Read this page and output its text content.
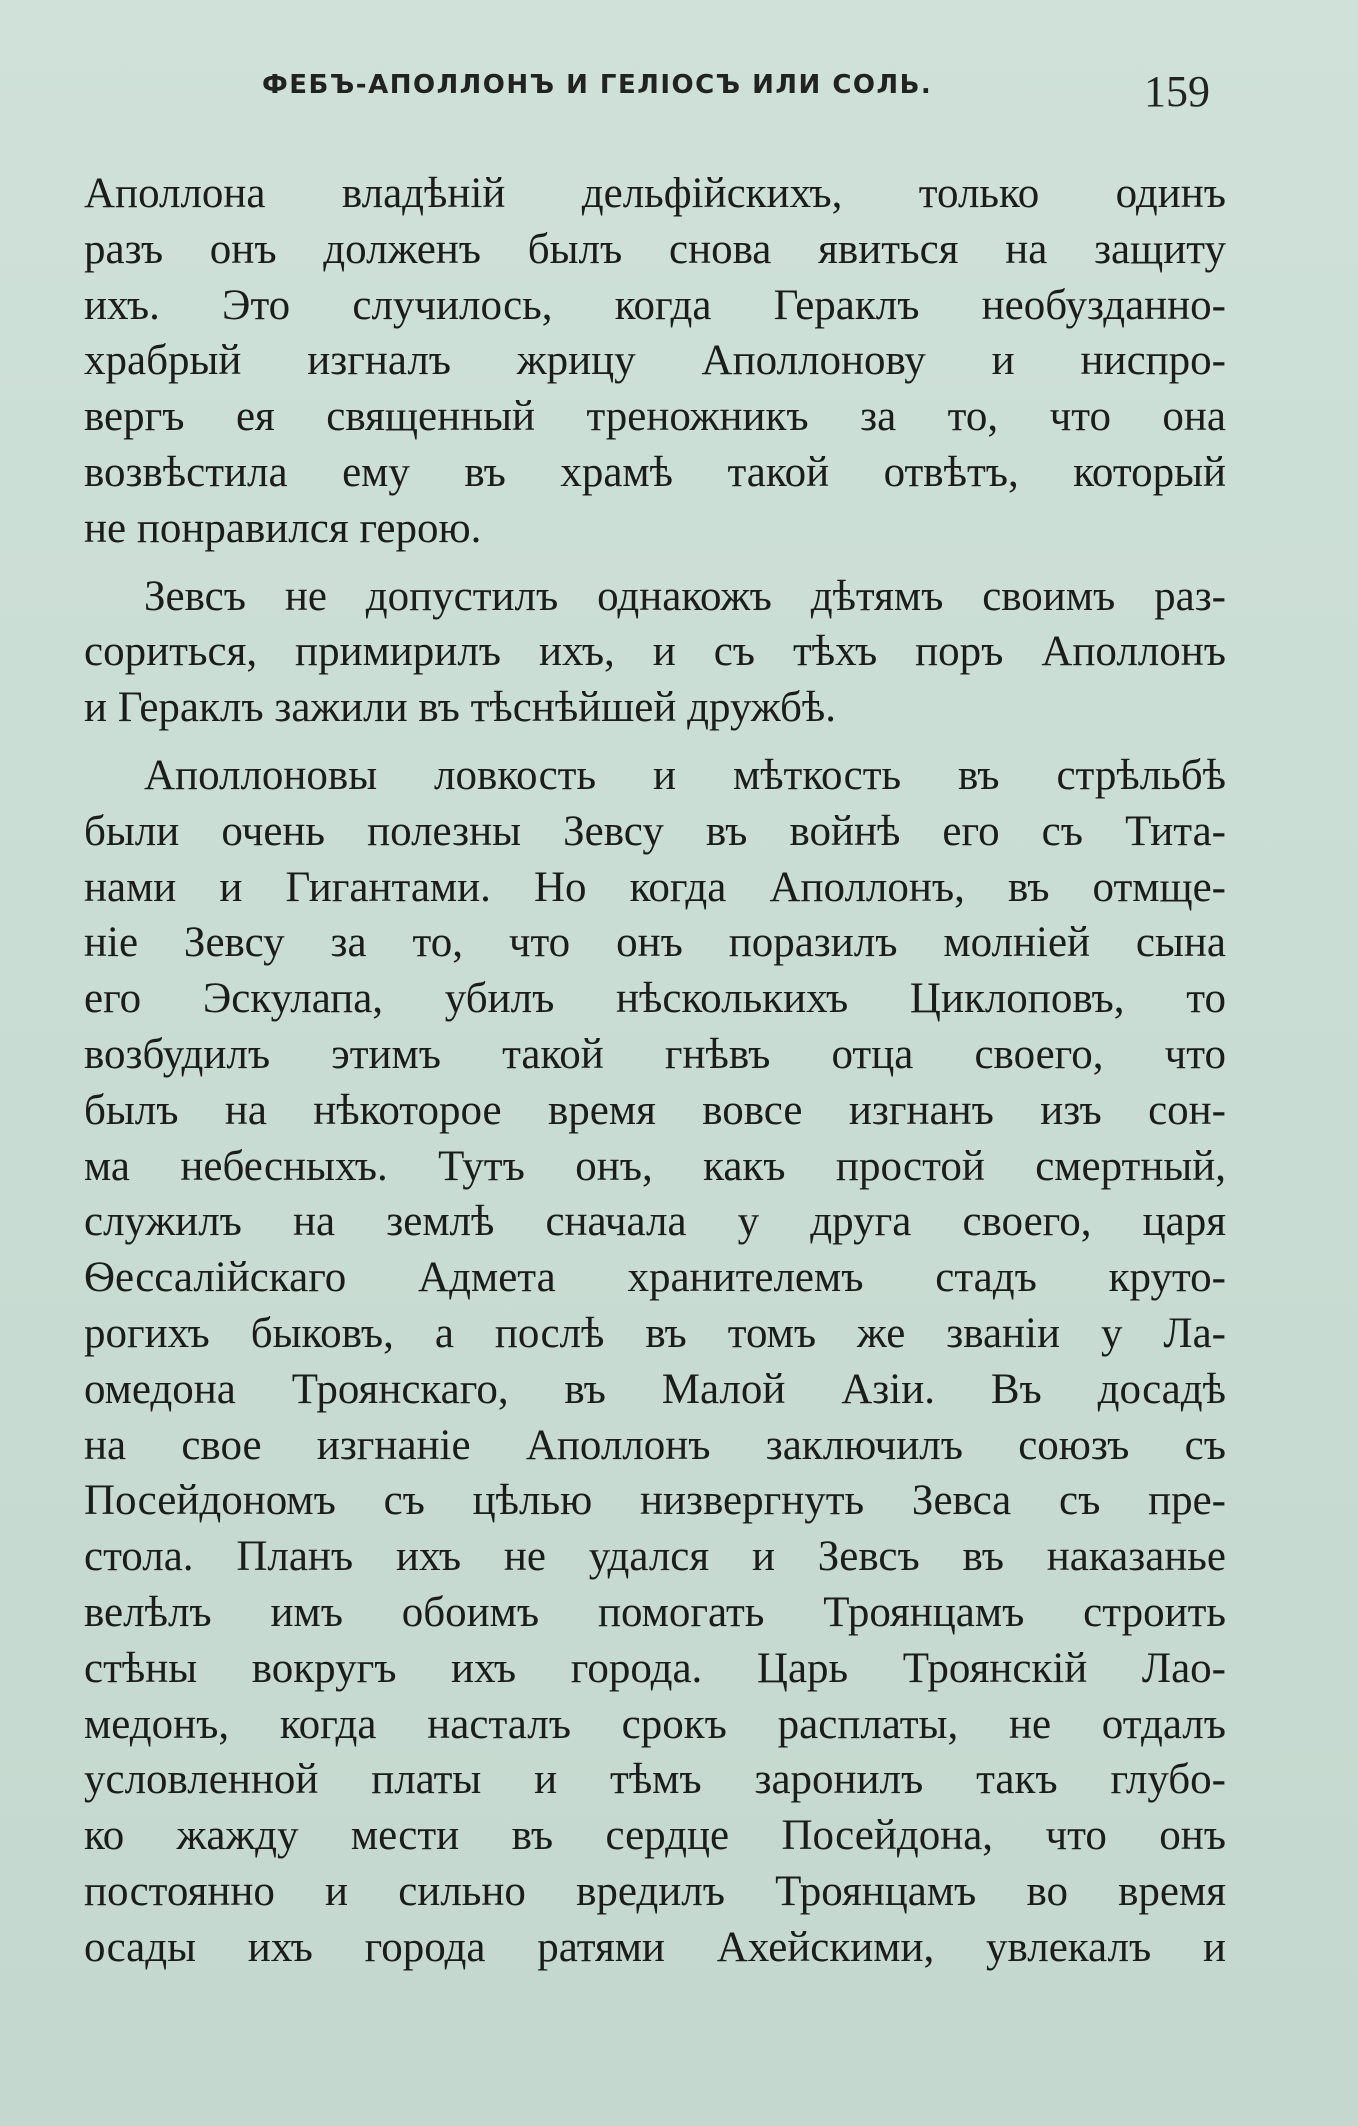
ФЕБЪ-АПОЛЛОНЪ И ГЕЛIОСЪ ИЛИ СОЛЬ.	159
Аполлона владѣнiй дельфiйскихъ, только одинъ
разъ онъ долженъ былъ снова явиться на защиту
ихъ. Это случилось, когда Гераклъ необузданно-
храбрый изгналъ жрицу Аполлонову и ниспро-
вергъ ея священный треножникъ за то, что она
возвѣстила ему въ храмѣ такой отвѣтъ, который
не понравился герою.
Зевсъ не допустилъ однакожъ дѣтямъ своимъ раз-
сориться, примирилъ ихъ, и съ тѣхъ поръ Аполлонъ
и Гераклъ зажили въ тѣснѣйшей дружбѣ.
Аполлоновы ловкость и мѣткость въ стрѣльбѣ
были очень полезны Зевсу въ войнѣ его съ Тита-
нами и Гигантами. Но когда Аполлонъ, въ отмще-
нiе Зевсу за то, что онъ поразилъ молнiей сына
его Эскулапа, убилъ нѣсколькихъ Циклоповъ, то
возбудилъ этимъ такой гнѣвъ отца своего, что
былъ на нѣкоторое время вовсе изгнанъ изъ сон-
ма небесныхъ. Тутъ онъ, какъ простой смертный,
служилъ на землѣ сначала у друга своего, царя
Ѳессалiйскаго Адмета хранителемъ стадъ круто-
рогихъ быковъ, а послѣ въ томъ же званiи у Ла-
омедона Троянскаго, въ Малой Азiи. Въ досадѣ
на свое изгнанiе Аполлонъ заключилъ союзъ съ
Посейдономъ съ цѣлью низвергнуть Зевса съ пре-
стола. Планъ ихъ не удался и Зевсъ въ наказанье
велѣлъ имъ обоимъ помогать Троянцамъ строить
стѣны вокругъ ихъ города. Царь Троянскiй Лао-
медонъ, когда насталъ срокъ расплаты, не отдалъ
условленной платы и тѣмъ заронилъ такъ глубо-
ко жажду мести въ сердце Посейдона, что онъ
постоянно и сильно вредилъ Троянцамъ во время
осады ихъ города ратями Ахейскими, увлекалъ и
